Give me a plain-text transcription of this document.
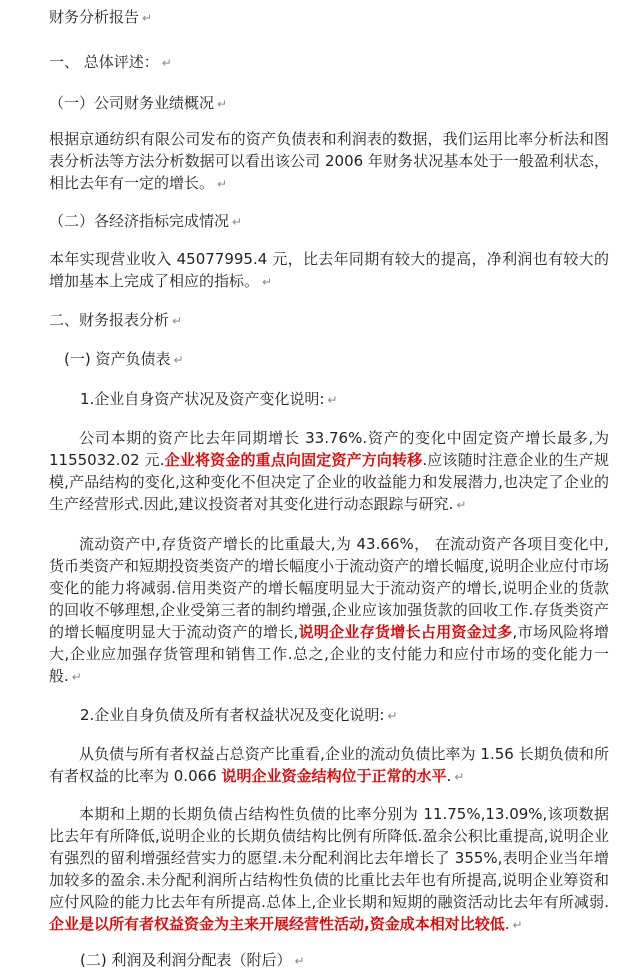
财务分析报告 ↵
一、 总体评述： ↵
（一）公司财务业绩概况 ↵
根据京通纺织有限公司发布的资产负债表和利润表的数据，我们运用比率分析法和图表分析法等方法分析数据可以看出该公司 2006 年财务状况基本处于一般盈利状态，相比去年有一定的增长。 ↵
（二）各经济指标完成情况 ↵
本年实现营业收入 45077995.4 元，比去年同期有较大的提高，净利润也有较大的增加基本上完成了相应的指标。 ↵
二、财务报表分析 ↵
(一) 资产负债表 ↵
1.企业自身资产状况及资产变化说明: ↵
公司本期的资产比去年同期增长 33.76%.资产的变化中固定资产增长最多,为 1155032.02 元.企业将资金的重点向固定资产方向转移.应该随时注意企业的生产规模,产品结构的变化,这种变化不但决定了企业的收益能力和发展潜力,也决定了企业的生产经营形式.因此,建议投资者对其变化进行动态跟踪与研究. ↵
流动资产中,存货资产增长的比重最大,为 43.66%， 在流动资产各项目变化中,货币类资产和短期投资类资产的增长幅度小于流动资产的增长幅度,说明企业应付市场变化的能力将减弱.信用类资产的增长幅度明显大于流动资产的增长,说明企业的货款的回收不够理想,企业受第三者的制约增强,企业应该加强货款的回收工作.存货类资产的增长幅度明显大于流动资产的增长,说明企业存货增长占用资金过多,市场风险将增大,企业应加强存货管理和销售工作.总之,企业的支付能力和应付市场的变化能力一般. ↵
2.企业自身负债及所有者权益状况及变化说明: ↵
从负债与所有者权益占总资产比重看,企业的流动负债比率为 1.56 长期负债和所有者权益的比率为 0.066 说明企业资金结构位于正常的水平. ↵
本期和上期的长期负债占结构性负债的比率分别为 11.75%,13.09%,该项数据比去年有所降低,说明企业的长期负债结构比例有所降低.盈余公积比重提高,说明企业有强烈的留利增强经营实力的愿望.未分配利润比去年增长了 355%,表明企业当年增加较多的盈余.未分配利润所占结构性负债的比重比去年也有所提高,说明企业筹资和应付风险的能力比去年有所提高.总体上,企业长期和短期的融资活动比去年有所减弱.企业是以所有者权益资金为主来开展经营性活动,资金成本相对比较低. ↵
(二) 利润及利润分配表（附后） ↵
